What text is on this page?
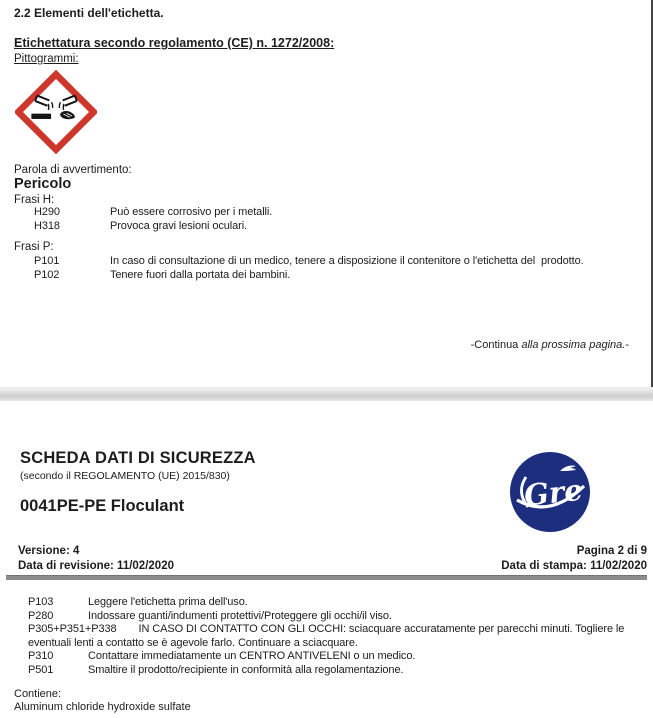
2.2 Elementi dell'etichetta.
Etichettatura secondo regolamento (CE) n. 1272/2008:
Pittogrammi:
Parola di avvertimento:
Pericolo
Frasi H:
H290	Può essere corrosivo per i metalli.
H318	Provoca gravi lesioni oculari.
Frasi P:
P101	In caso di consultazione di un medico, tenere a disposizione il contenitore o l'etichetta del  prodotto.
P102	Tenere fuori dalla portata dei bambini.

-Continua alla prossima pagina.-

SCHEDA DATI DI SICUREZZA
(secondo il REGOLAMENTO (UE) 2015/830)
0041PE-PE Floculant	Gre
Versione: 4
Data di revisione: 11/02/2020
Pagina 2 di 9
Data di stampa: 11/02/2020
P103	Leggere l'etichetta prima dell'uso.
P280	Indossare guanti/indumenti protettivi/Proteggere gli occhi/il viso.
P305+P351+P338 IN CASO DI CONTATTO CON GLI OCCHI: sciacquare accuratamente per parecchi minuti. Togliere le eventuali lenti a contatto se è agevole farlo. Continuare a sciacquare.
P310	Contattare immediatamente un CENTRO ANTIVELENI o un medico.
P501	Smaltire il prodotto/recipiente in conformità alla regolamentazione.
Contiene:
Aluminum chloride hydroxide sulfate
